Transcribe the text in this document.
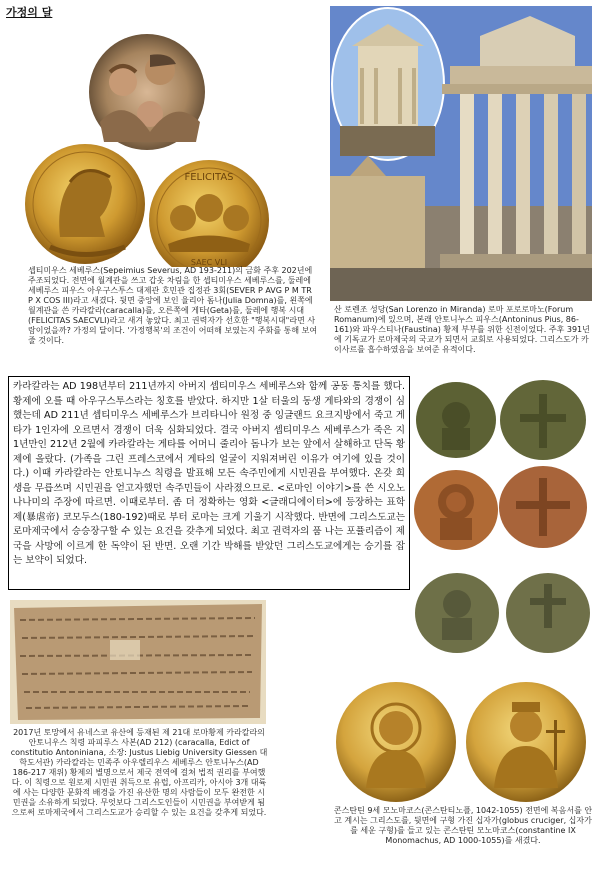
가정의 달
FELICITAS
SAEC VLI
셉티미우스 세베루스(Sepeimius Severus, AD 193-211)의 금화 주후 202년에 주조되었다. 전면에 월계관을 쓰고 갑옷 차림을 한 셉티미우스 세베루스를, 둘레에 세베루스 피우스 아우구스투스 대제관 호민관 집정관 3회(SEVER P AVG P M TR P X COS III)라고 새겼다. 뒷면 중앙에 보인 율리아 돔나(Julia Domna)를, 왼쪽에 월계관을 쓴 카라칼라(caracalla)를, 오른쪽에 게타(Geta)를, 둘레에 행복 시대(FELICITAS SAECVLI)라고 새겨 놓았다. 최고 권력자가 선호한 "행복시대"라면 사람이었을까? 가정의 달이다. '가정행복'의 조건이 어떠해 보였는지 주화를 통해 보여줄 것이다.
산 로렌조 성당(San Lorenzo in Miranda) 로마 포로로마노(Forum Romanum)에 있으며, 본래 안토니누스 피우스(Antoninus Pius, 86-161)와 파우스티나(Faustina) 황제 부부를 위한 신전이었다. 주후 391년에 기독교가 로마제국의 국교가 되면서 교회로 사용되었다. 그리스도가 카이사르를 흡수하였음을 보여준 유적이다.
카라칼라는 AD 198년부터 211년까지 아버지 셉티미우스 세베루스와 함께 공동 통치를 했다. 황제에 오를 때 아우구스투스라는 칭호를 받았다. 하지만 1살 터울의 동생 게타와의 경쟁이 심했는데 AD 211년 셉티미우스 세베루스가 브리타니아 원정 중 잉글랜드 요크지방에서 죽고 게타가 1인자에 오르면서 경쟁이 더욱 심화되었다. 결국 아버지 셉티미우스 세베루스가 죽은 지 1년만인 212년 2월에 카라칼라는 게타를 어머니 줄리아 돔나가 보는 앞에서 살해하고 단독 황제에 올랐다. (가족을 그린 프레스코에서 게타의 얼굴이 지워져버린 이유가 여기에 있을 것이다.) 이때 카라칼라는 안토니누스 칙령을 발표해 모든 속주민에게 시민권을 부여했다. 온갖 희생을 무릅쓰며 시민권을 얻고자했던 속주민들이 사라졌으므로. <로마인 이야기>를 쓴 시오노 나나미의 주장에 따르면. 이때로부터. 좀 더 정확하는 영화 <글래디에이터>에 등장하는 표학제(暴虐帝) 코모두스(180-192)때로 부터 로마는 크게 기울기 시작했다. 반면에 그리스도교는 로마제국에서 승승장구할 수 있는 요건을 갖추게 되었다. 최고 권력자의 품 나는 포퓰리즘이 제국을 사망에 이르게 한 독약이 된 반면. 오랜 기간 박해를 받았던 그리스도교에게는 승기를 잡는 보약이 되었다.
2017년 토망에서 유네스코 유산에 등재된 제 21대 로마황제 카라칼라의 안토니우스 칙령 파피루스 사본(AD 212) (caracalla, Edict of constitutio Antoniniana, 소장: Justus Liebig University Giessen 대학도서관) 카라칼라는 민족주 아우렐리우스 세베루스 안토니누스(AD 186-217 재위) 황제의 별명으로서 제국 전역에 걸쳐 법적 권리를 부여했다. 이 칙령으로 원로제 시민권 취득으로 유럽, 아프리카, 아시아 3개 대륙에 사는 다양한 문화적 배경을 가진 유산한 명의 사람들이 모두 완전한 시민권을 소유하게 되었다. 무엇보다 그리스도인들이 시민권을 부여받게 됨으로써 로마제국에서 그리스도교가 승리할 수 있는 요건을 갖추게 되었다.	콘스탄틴 9세 모노마코스(콘스탄티노플, 1042-1055) 전면에 복음서를 안고 계시는 그리스도를, 뒷면에 구형 가진 십자가(globus cruciger, 십자가를 세운 구형)를 들고 있는 콘스탄틴 모노마코스(constantine IX Monomachus, AD 1000-1055)를 새겼다.
